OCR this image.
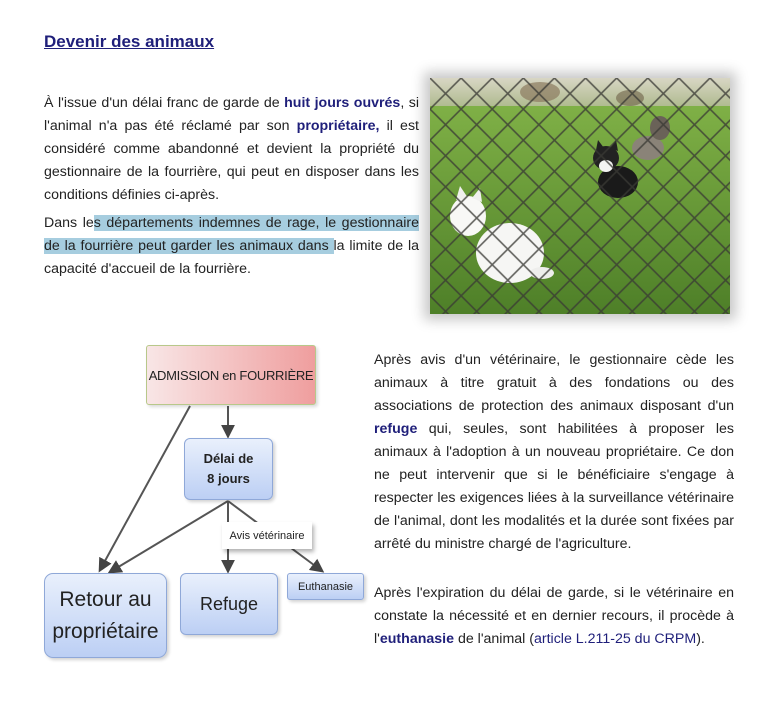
Devenir des animaux

À l'issue d'un délai franc de garde de huit jours ouvrés, si l'animal n'a pas été réclamé par son propriétaire, il est considéré comme abandonné et devient la propriété du gestionnaire de la fourrière, qui peut en disposer dans les conditions définies ci-après.

Dans les départements indemnes de rage, le gestionnaire de la fourrière peut garder les animaux dans la limite de la capacité d'accueil de la fourrière.

Après avis d'un vétérinaire, le gestionnaire cède les animaux à titre gratuit à des fondations ou des associations de protection des animaux disposant d'un refuge qui, seules, sont habilitées à proposer les animaux à l'adoption à un nouveau propriétaire. Ce don ne peut intervenir que si le bénéficiaire s'engage à respecter les exigences liées à la surveillance vétérinaire de l'animal, dont les modalités et la durée sont fixées par arrêté du ministre chargé de l'agriculture.

Après l'expiration du délai de garde, si le vétérinaire en constate la nécessité et en dernier recours, il procède à l'euthanasie de l'animal (article L.211-25 du CRPM).

ADMISSION en FOURRIÈRE
Délai de
8 jours
Avis vétérinaire
Retour au
propriétaire
Refuge
Euthanasie
